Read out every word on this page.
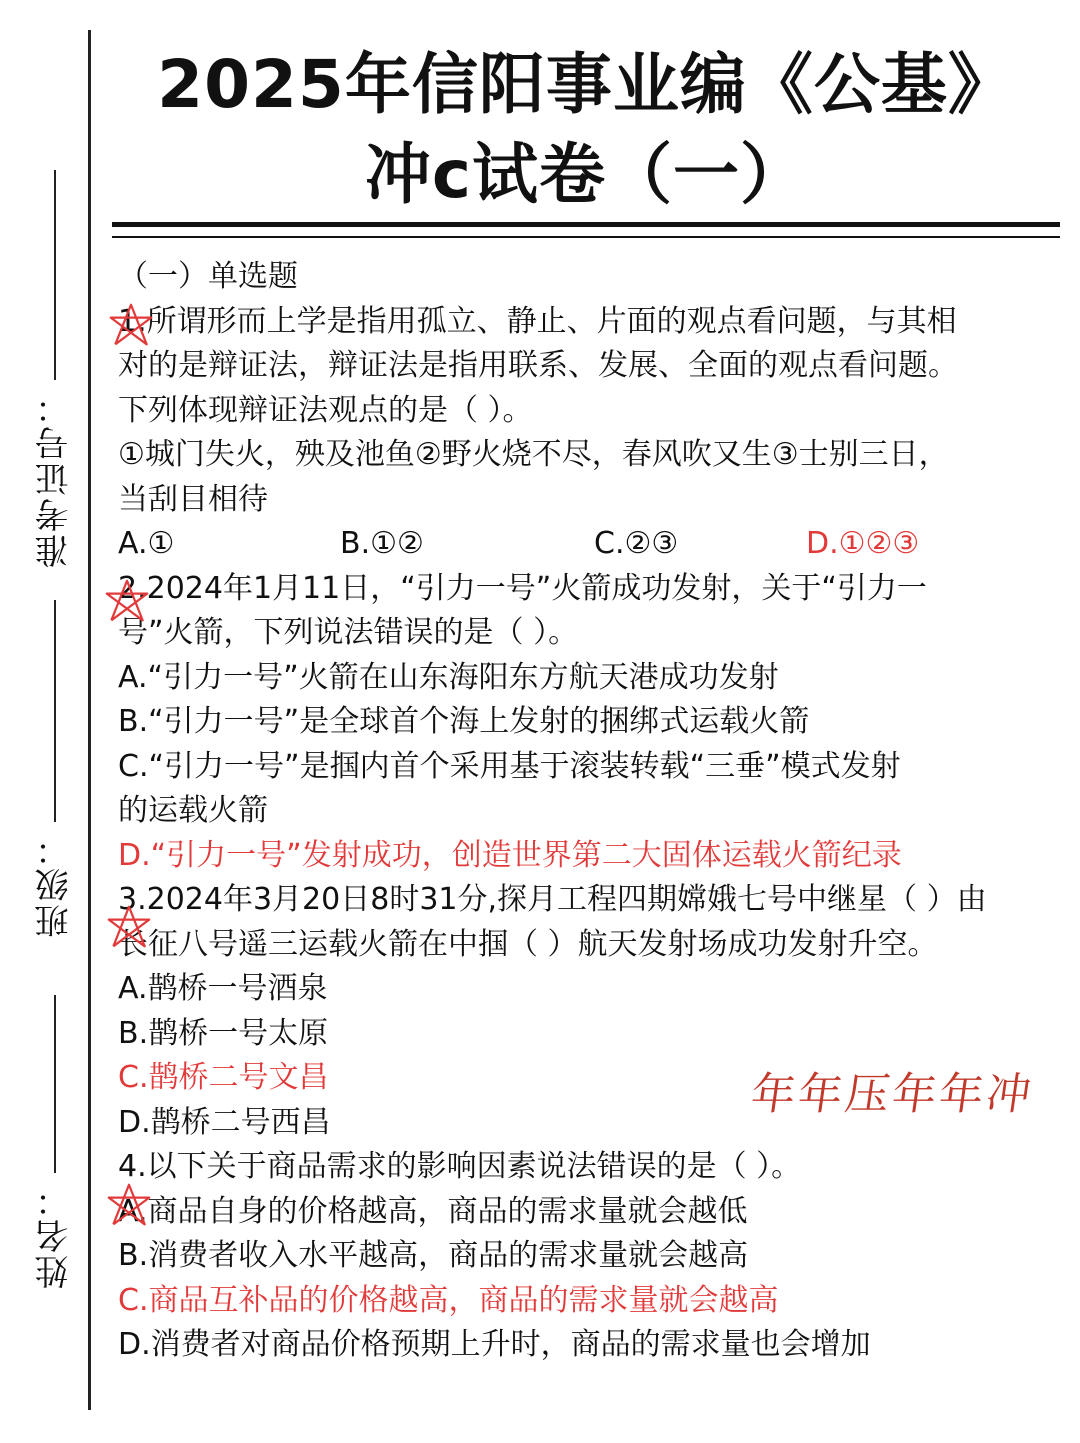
准考证号：
班级：
姓名：
2025年信阳事业编《公基》
冲c试卷（一）
（一）单选题
1.所谓形而上学是指用孤立、静止、片面的观点看问题，与其相
对的是辩证法，辩证法是指用联系、发展、全面的观点看问题。
下列体现辩证法观点的是（ ）。
①城门失火，殃及池鱼②野火烧不尽，春风吹又生③士别三日，
当刮目相待
A.①	B.①②	C.②③	D.①②③
2.2024年1月11日，“引力一号”火箭成功发射，关于“引力一
号”火箭，下列说法错误的是（ ）。
A.“引力一号”火箭在山东海阳东方航天港成功发射
B.“引力一号”是全球首个海上发射的捆绑式运载火箭
C.“引力一号”是掴内首个采用基于滚装转载“三垂”模式发射
的运载火箭
D.“引力一号”发射成功，创造世界第二大固体运载火箭纪录
3.2024年3月20日8时31分,探月工程四期嫦娥七号中继星（ ）由
长征八号遥三运载火箭在中掴（ ）航天发射场成功发射升空。
A.鹊桥一号酒泉
B.鹊桥一号太原
C.鹊桥二号文昌
D.鹊桥二号西昌
4.以下关于商品需求的影响因素说法错误的是（ ）。
A.商品自身的价格越高，商品的需求量就会越低
B.消费者收入水平越高，商品的需求量就会越高
C.商品互补品的价格越高，商品的需求量就会越高
D.消费者对商品价格预期上升时，商品的需求量也会增加
年年压年年冲
